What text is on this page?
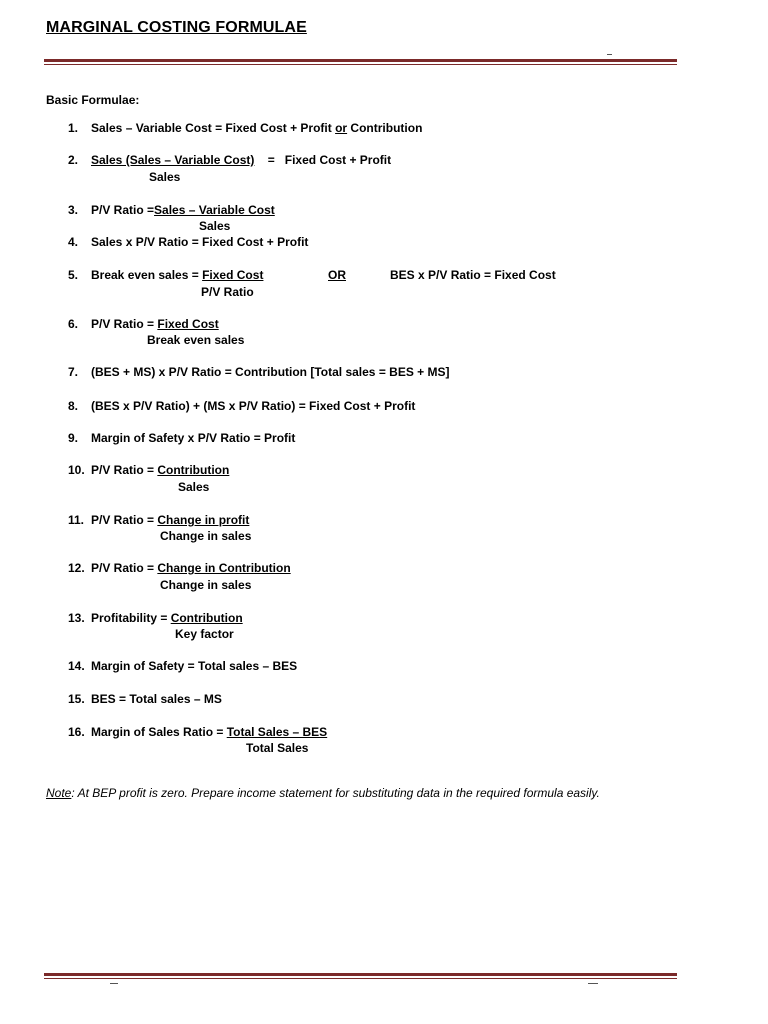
MARGINAL COSTING FORMULAE
Basic Formulae:
1.	Sales – Variable Cost = Fixed Cost + Profit or Contribution
2.	Sales (Sales – Variable Cost)    =   Fixed Cost + Profit
Sales
3.	P/V Ratio =Sales – Variable Cost
Sales
4.	Sales x P/V Ratio = Fixed Cost + Profit
5.	Break even sales = Fixed Cost	OR	BES x P/V Ratio = Fixed Cost
P/V Ratio
6.	P/V Ratio = Fixed Cost
Break even sales
7.	(BES + MS) x P/V Ratio = Contribution [Total sales = BES + MS]
8.	(BES x P/V Ratio) + (MS x P/V Ratio) = Fixed Cost + Profit
9.	Margin of Safety x P/V Ratio = Profit
10. P/V Ratio = Contribution
Sales
11. P/V Ratio = Change in profit
Change in sales
12. P/V Ratio = Change in Contribution
Change in sales
13. Profitability = Contribution
Key factor
14. Margin of Safety = Total sales – BES
15. BES = Total sales – MS
16. Margin of Sales Ratio = Total Sales – BES
Total Sales
Note: At BEP profit is zero. Prepare income statement for substituting data in the required formula easily.
